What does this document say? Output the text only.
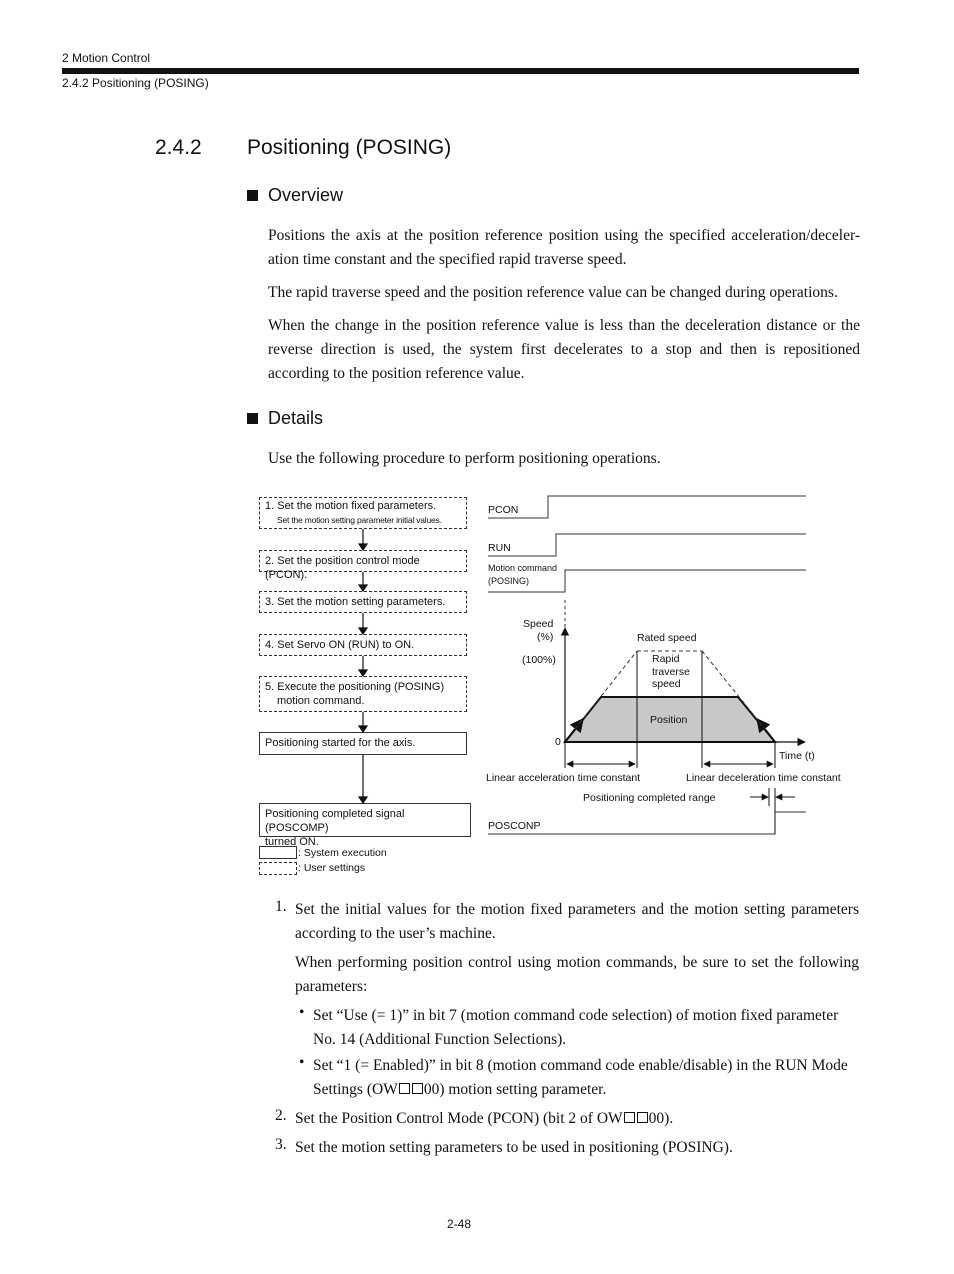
2 Motion Control
2.4.2 Positioning (POSING)
2.4.2 Positioning (POSING)
Overview
Positions the axis at the position reference position using the specified acceleration/deceler-ation time constant and the specified rapid traverse speed.
The rapid traverse speed and the position reference value can be changed during operations.
When the change in the position reference value is less than the deceleration distance or the reverse direction is used, the system first decelerates to a stop and then is repositioned according to the position reference value.
Details
Use the following procedure to perform positioning operations.
1. Set the motion fixed parameters.
Set the motion setting parameter initial values.
2. Set the position control mode (PCON).
3. Set the motion setting parameters.
4. Set Servo ON (RUN) to ON.
5. Execute the positioning (POSING)
motion command.
Positioning started for the axis.
Positioning completed signal (POSCOMP)
turned ON.
: System execution
: User settings
PCON
RUN
Motion command
(POSING)
POSCONP
Speed
(%)
(100%)
0
Rated speed
Rapid
traverse
speed
Position
Time (t)
Linear acceleration time constant	Linear deceleration time constant
Positioning completed range
1. Set the initial values for the motion fixed parameters and the motion setting parameters according to the user’s machine.
When performing position control using motion commands, be sure to set the following parameters:
• Set “Use (= 1)” in bit 7 (motion command code selection) of motion fixed parameter No. 14 (Additional Function Selections).
• Set “1 (= Enabled)” in bit 8 (motion command code enable/disable) in the RUN Mode Settings (OW 00) motion setting parameter.
2. Set the Position Control Mode (PCON) (bit 2 of OW 00).
3. Set the motion setting parameters to be used in positioning (POSING).
2-48
